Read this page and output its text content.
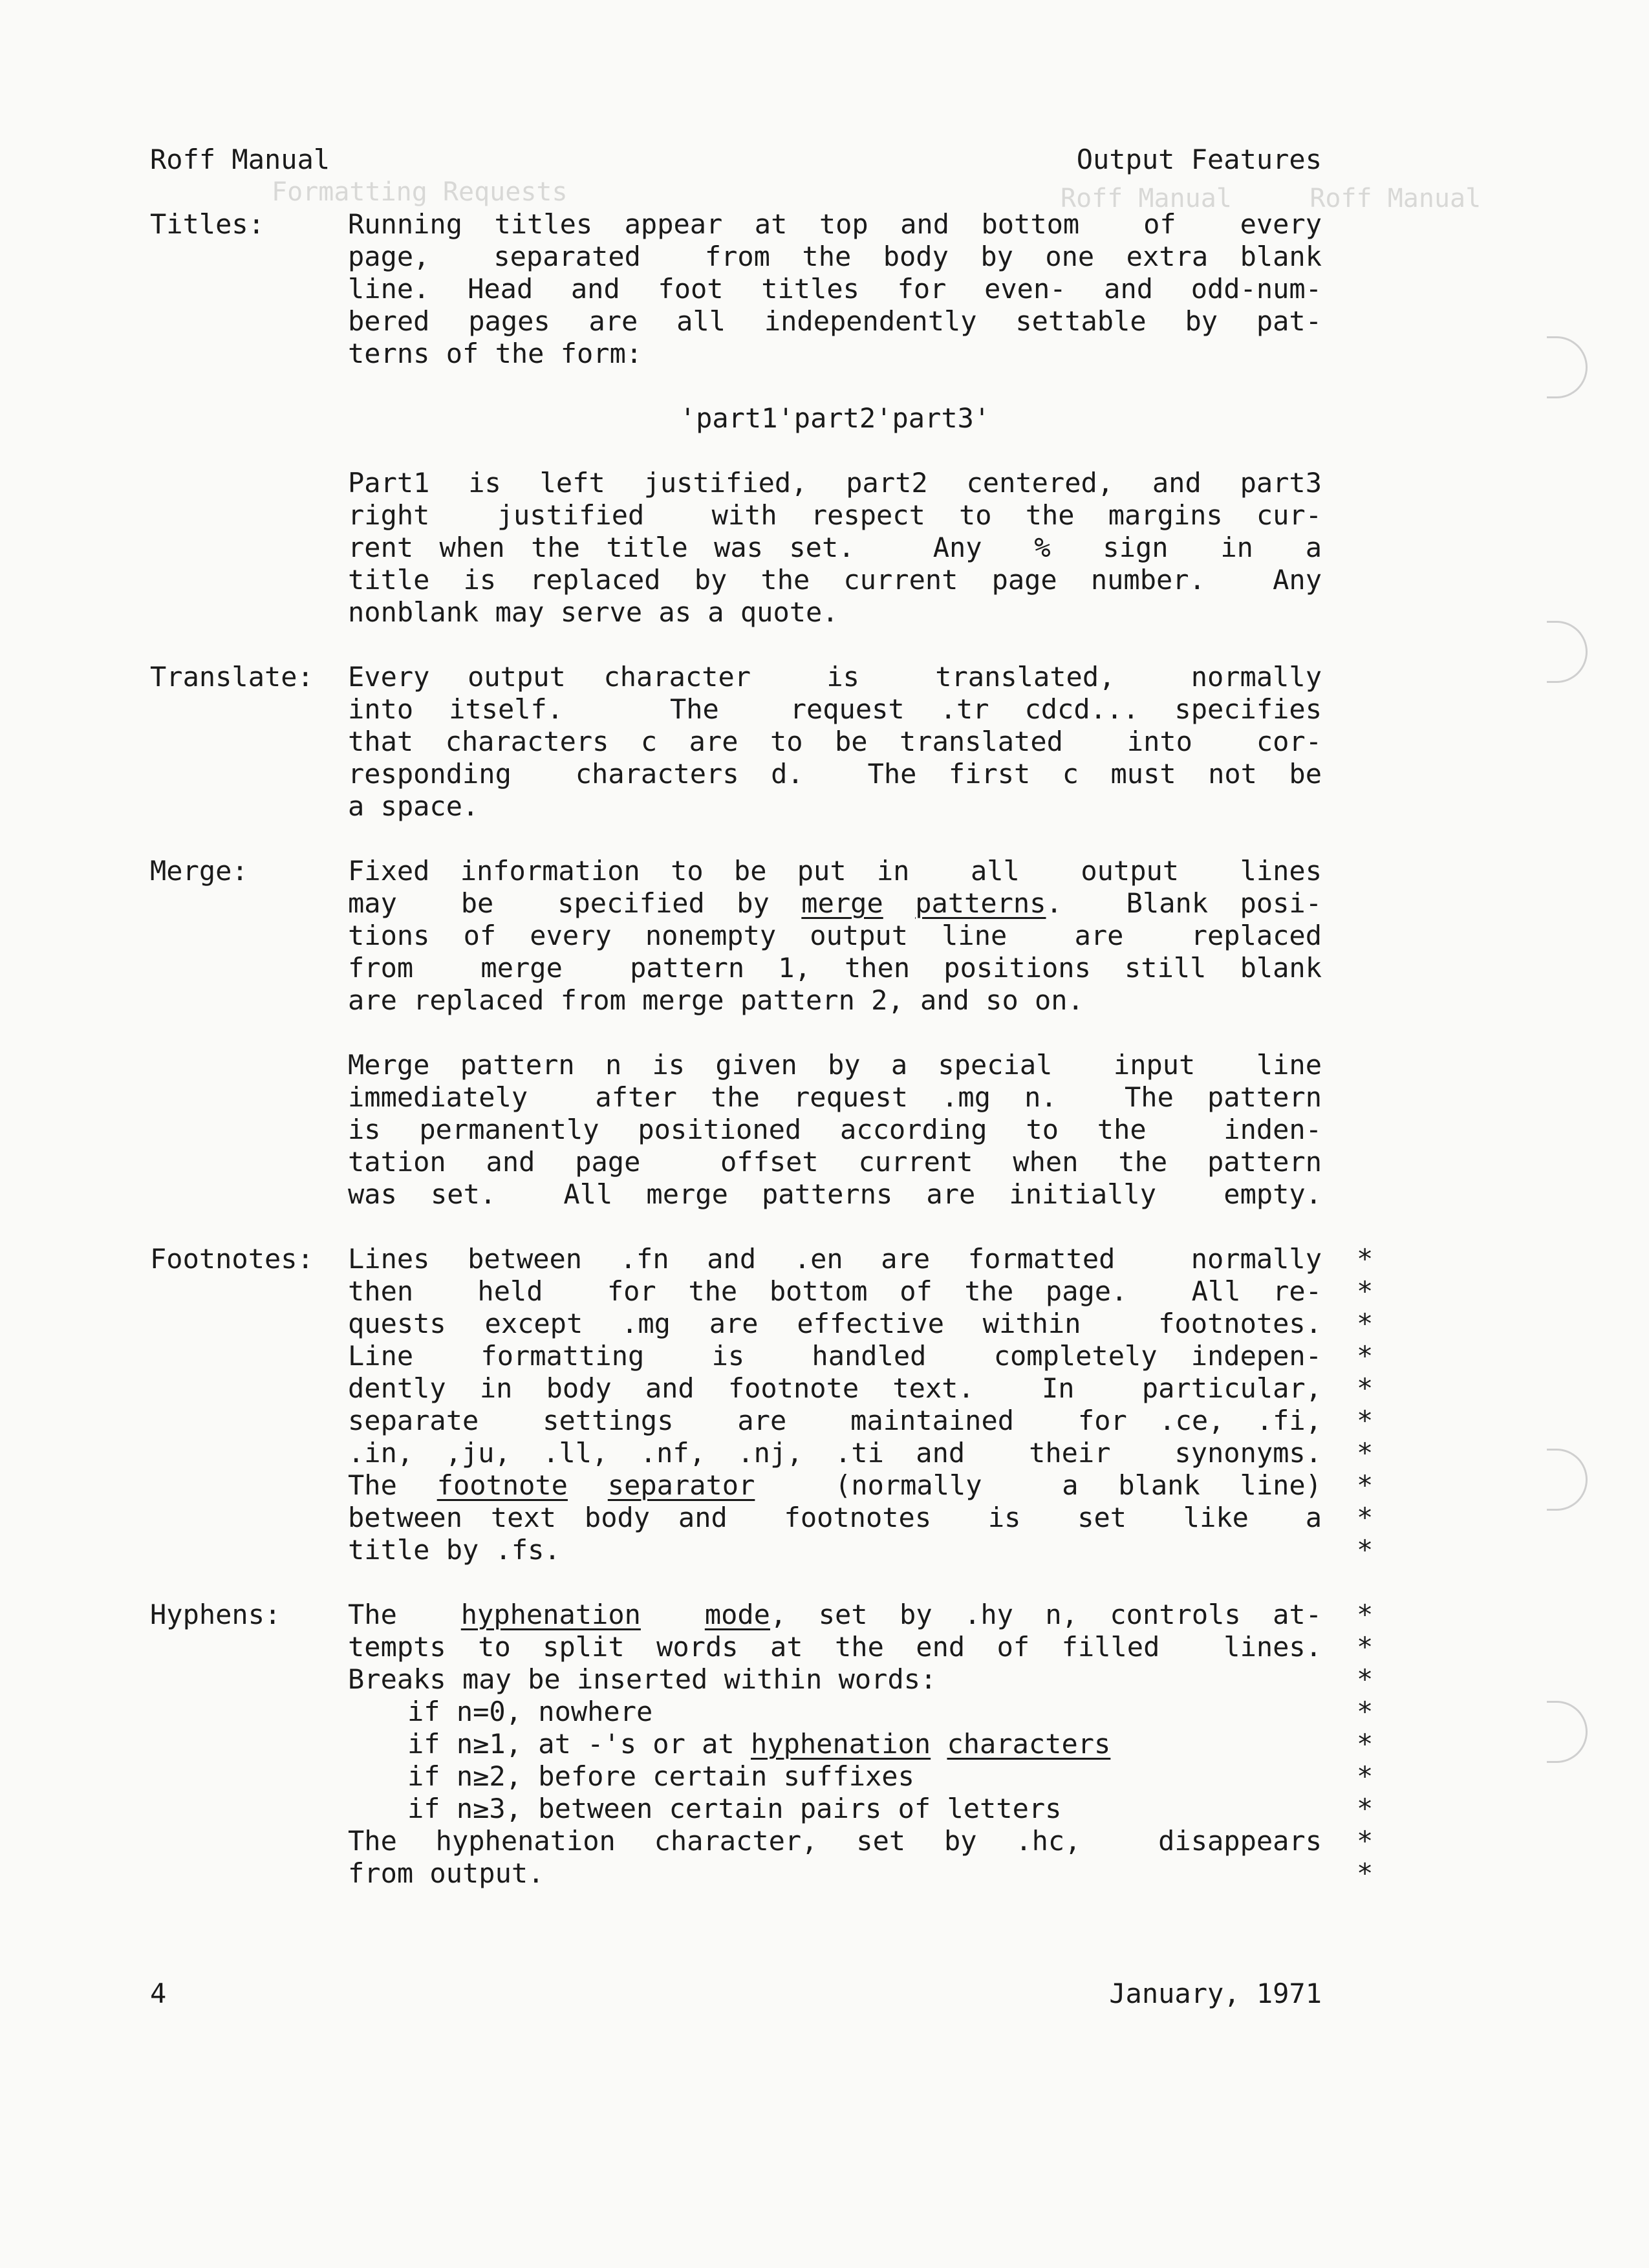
Roff Manual     Roff Manual
Formatting Requests
Roff Manual	Output Features
Titles:	Running titles appear at top and bottom  of  every
page,  separated  from the body by one extra blank
line. Head and foot titles for even- and odd-num-
bered pages are all independently settable by pat-
terns of the form:
'part1'part2'part3'
Part1 is left justified, part2 centered, and part3
right  justified  with respect to the margins cur-
rent when the title was set.   Any  %  sign  in  a
title is replaced by the current page number.  Any
nonblank may serve as a quote.
Translate: Every output character  is  translated,  normally
into itself.   The  request .tr cdcd... specifies
that characters c are to be translated  into  cor-
responding  characters d.  The first c must not be
a space.
Merge:	Fixed information to be put in  all  output  lines
may  be  specified by merge patterns.  Blank posi-
tions of every nonempty output line  are  replaced
from  merge  pattern 1, then positions still blank
are replaced from merge pattern 2, and so on.
Merge pattern n is given by a special  input  line
immediately  after the request .mg n.  The pattern
is permanently positioned according to the  inden-
tation and page  offset current when the pattern
was set.  All merge patterns are initially  empty.
Footnotes: Lines between .fn and .en are formatted  normally
then  held  for the bottom of the page.  All re-
quests except .mg are effective within  footnotes.
Line  formatting  is  handled  completely indepen-
dently in body and footnote text.  In  particular,
separate  settings  are  maintained  for .ce, .fi,
.in, ,ju, .ll, .nf, .nj, .ti and  their  synonyms.
The footnote separator  (normally  a blank line)
between text body and  footnotes  is  set  like  a
title by .fs.
Hyphens: The  hyphenation mode, set by .hy n, controls at-
tempts to split words at the end of filled  lines.
Breaks may be inserted within words:
if n=0, nowhere
if n≥1, at -'s or at hyphenation characters
if n≥2, before certain suffixes
if n≥3, between certain pairs of letters
The hyphenation character, set by .hc,  disappears
from output.
*
*
*
*
*
*
*
*
*
*
*
*
*
*
*
*
*
*
*
4	January, 1971
